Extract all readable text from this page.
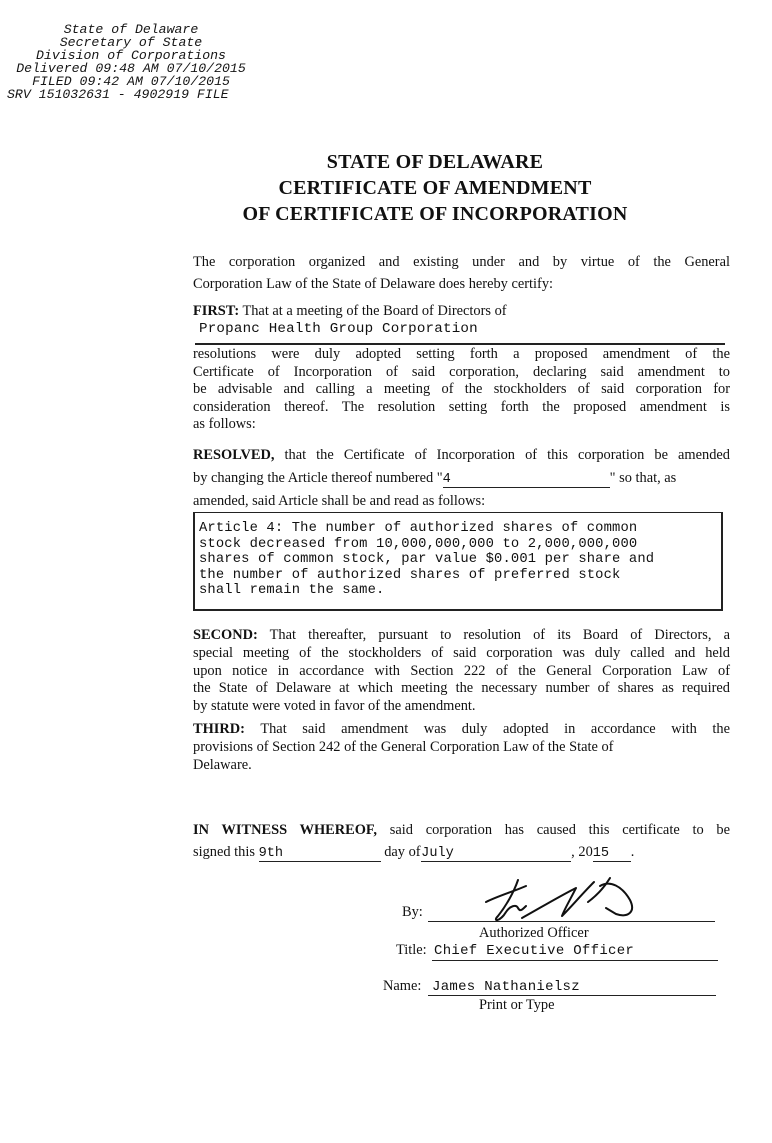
State of Delaware
Secretary of State
Division of Corporations
Delivered 09:48 AM 07/10/2015
FILED 09:42 AM 07/10/2015
SRV 151032631 - 4902919 FILE
STATE OF DELAWARE
CERTIFICATE OF AMENDMENT
OF CERTIFICATE OF INCORPORATION
The corporation organized and existing under and by virtue of the General
Corporation Law of the State of Delaware does hereby certify:
FIRST: That at a meeting of the Board of Directors of
Propanc Health Group Corporation
resolutions were duly adopted setting forth a proposed amendment of the
Certificate of Incorporation of said corporation, declaring said amendment to
be advisable and calling a meeting of the stockholders of said corporation for
consideration thereof. The resolution setting forth the proposed amendment is
as follows:
RESOLVED, that the Certificate of Incorporation of this corporation be amended
by changing the Article thereof numbered "4	" so that, as
amended, said Article shall be and read as follows:
Article 4: The number of authorized shares of common
stock decreased from 10,000,000,000 to 2,000,000,000
shares of common stock, par value $0.001 per share and
the number of authorized shares of preferred stock
shall remain the same.
SECOND: That thereafter, pursuant to resolution of its Board of Directors, a
special meeting of the stockholders of said corporation was duly called and held
upon notice in accordance with Section 222 of the General Corporation Law of
the State of Delaware at which meeting the necessary number of shares as required
by statute were voted in favor of the amendment.
THIRD: That said amendment was duly adopted in accordance with the
provisions of Section 242 of the General Corporation Law of the State of
Delaware.
IN WITNESS WHEREOF, said corporation has caused this certificate to be
signed this 9th	day of July	, 2015 .
By:
Authorized Officer
Title: Chief Executive Officer
Name: James Nathanielsz
Print or Type
